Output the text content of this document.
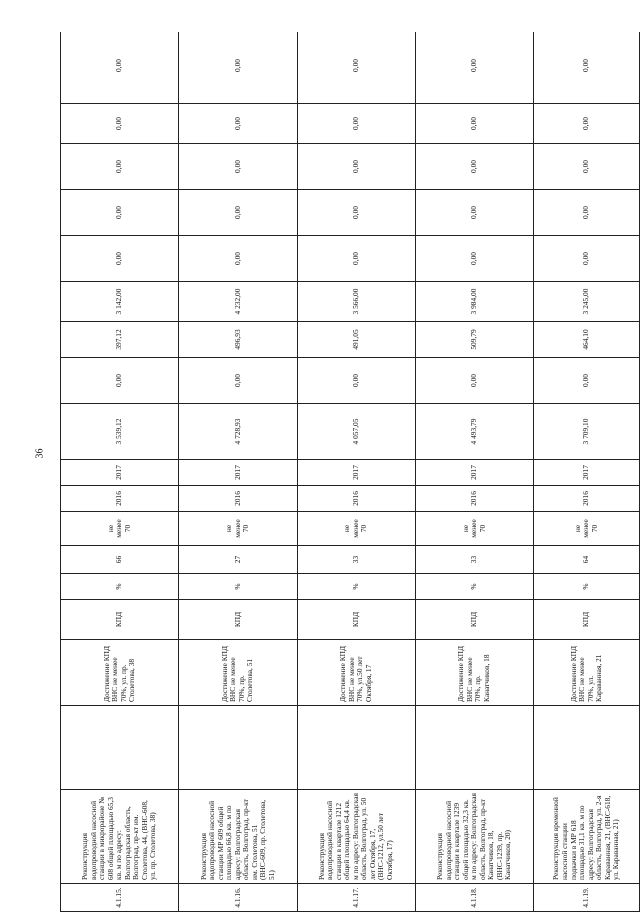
36
4.1.15.	Реконструкция водопроводной насосной станции в микрорайоне № 608 общей площадью 65,3 кв. м по адресу: Волгоградская область, Волгоград, пр-кт им. Столетова, 44, (ВНС-608, ул. пр. Столетова, 38)		Достижение КПД ВНС не менее 70%, ул. пр. Столетова, 38	КПД	%	66	не менее 70	2016	2017	3 539,12	0,00	397,12	3 142,00	0,00	0,00	0,00	0,00	0,00
4.1.16.	Реконструкция водопроводной насосной станции МР 609 общей площадью 66,8 кв. м по адресу: Волгоградская область, Волгоград, пр-кт им. Столетова, 51 (ВНС-609, пр. Столетова, 51)		Достижение КПД ВНС не менее 70%, пр. Столетова, 51	КПД	%	27	не менее 70	2016	2017	4 728,93	0,00	496,93	4 232,00	0,00	0,00	0,00	0,00	0,00
4.1.17.	Реконструкция водопроводной насосной станции в квартале 1212 общей площадью 64,4 кв. м по адресу: Волгоградская область, Волгоград, ул. 50 лет Октября, 17, (ВНС-1212, ул.50 лет Октября, 17)		Достижение КПД ВНС не менее 70%, ул.50 лет Октября, 17	КПД	%	33	не менее 70	2016	2017	4 057,05	0,00	491,05	3 566,00	0,00	0,00	0,00	0,00	0,00
4.1.18.	Реконструкция водопроводной насосной станции в квартале 1239 общей площадью 32,3 кв. м по адресу: Волгоградская область, Волгоград, пр-кт Канатчиков, 18, (ВНС-1239, пр. Канатчиков, 20)		Достижение КПД ВНС не менее 70%, пр. Канатчиков, 18	КПД	%	33	не менее 70	2016	2017	4 493,79	0,00	509,79	3 984,00	0,00	0,00	0,00	0,00	0,00
4.1.19.	Реконструкция временной насосной станции подкачки в МР 618 площадью 31,1 кв. м по адресу: Волгоградская область, Волгоград, ул. 2-я Караванная, 21, (ВНС-618, ул. Караванная, 21)		Достижение КПД ВНС не менее 70%, ул. Караванная, 21	КПД	%	64	не менее 70	2016	2017	3 709,10	0,00	464,10	3 245,00	0,00	0,00	0,00	0,00	0,00
